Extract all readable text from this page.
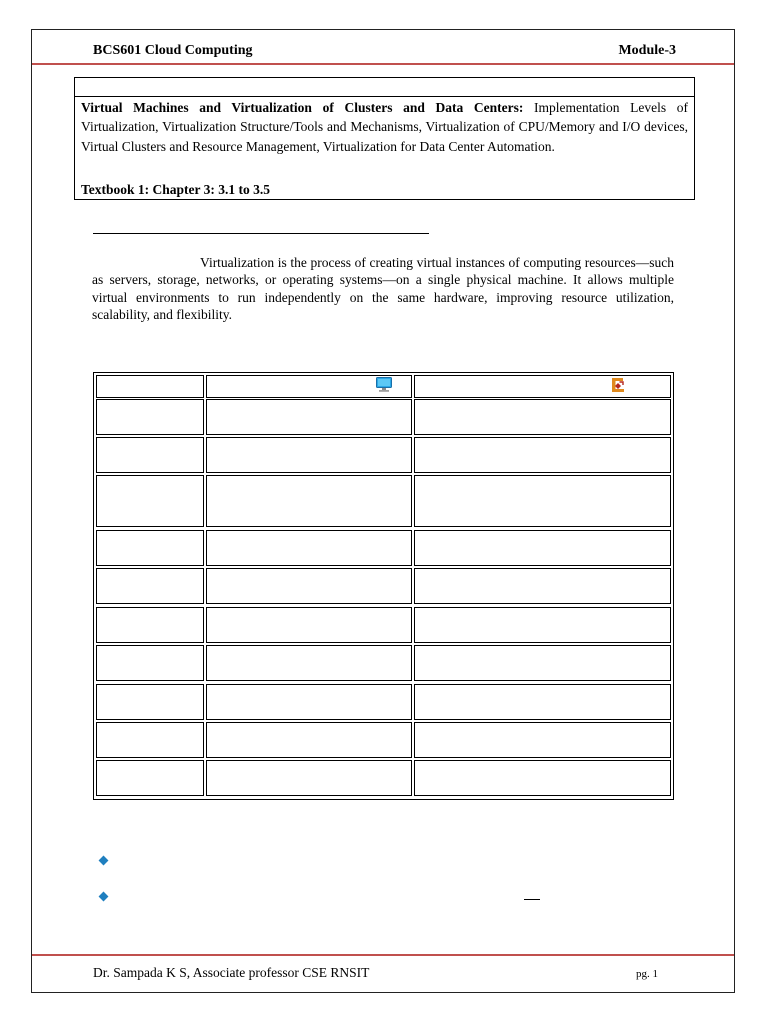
BCS601 Cloud Computing	Module-3
Virtual Machines and Virtualization of Clusters and Data Centers: Implementation Levels of Virtualization, Virtualization Structure/Tools and Mechanisms, Virtualization of CPU/Memory and I/O devices, Virtual Clusters and Resource Management, Virtualization for Data Center Automation.
Textbook 1: Chapter 3: 3.1 to 3.5
Virtualization is the process of creating virtual instances of computing resources—such as servers, storage, networks, or operating systems—on a single physical machine. It allows multiple virtual environments to run independently on the same hardware, improving resource utilization, scalability, and flexibility.
Dr. Sampada K S, Associate professor CSE RNSIT	pg. 1
